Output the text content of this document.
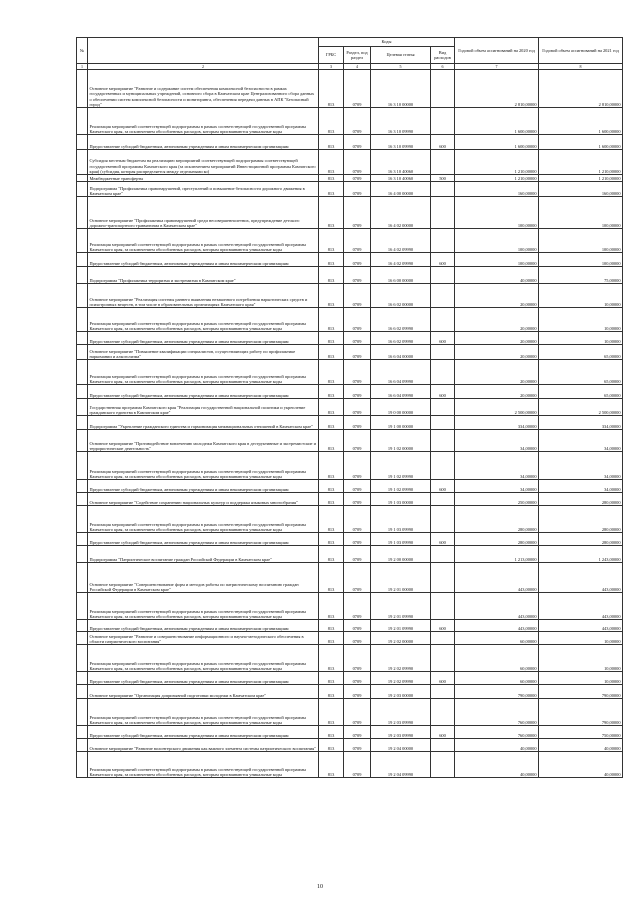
№		Коды				Годовой объем ассигнований на 2020 год	Годовой объем ассигнований на 2021 год
		ГРБС	Раздел, под раздел	Целевая статья	Вид расходов		
1	2	3	4	5	6	7	8
	Основное мероприятие "Развитие и содержание систем обеспечения комплексной безопасности в рамках государственных и муниципальных учреждений, основного сбора в Камчатском крае Централизованного сбора данных о обеспечении систем комплексной безопасности и мониторинга, обеспечения передачи данных в АПК "Безопасный город"	813	0709	16 3 10 00000		2 810,00000	2 810,00000
	Реализация мероприятий соответствующей подпрограммы в рамках соответствующей государственной программы Камчатского края, за исключением обособленных расходов, которым присваиваются уникальные коды	813	0709	16 3 10 09990		1 600,00000	1 600,00000
	Предоставление субсидий бюджетным, автономным учреждениям и иным некоммерческим организациям	813	0709	16 3 10 09990	600	1 600,00000	1 600,00000
	Субсидия местным бюджетам на реализацию мероприятий соответствующей подпрограммы соответствующей государственной программы Камчатского края (за исключением мероприятий Инвестиционной программы Камчатского края) (субсидия, которая распределяется между отдельными ко)	813	0709	16 3 10 40060		1 210,00000	1 210,00000
	Межбюджетные трансферты	813	0709	16 3 10 40060	500	1 210,00000	1 210,00000
	Подпрограмма "Профилактика правонарушений, преступлений и повышение безопасности дорожного движения в Камчатском крае"	813	0709	16 4 00 00000		160,00000	160,00000
	Основное мероприятие "Профилактика правонарушений среди несовершеннолетних, предупреждение детского дорожно-транспортного травматизма в Камчатском крае"	813	0709	16 4 02 00000		100,00000	100,00000
	Реализация мероприятий соответствующей подпрограммы в рамках соответствующей государственной программы Камчатского края, за исключением обособленных расходов, которым присваиваются уникальные коды	813	0709	16 4 02 09990		100,00000	100,00000
	Предоставление субсидий бюджетным, автономным учреждениям и иным некоммерческим организациям	813	0709	16 4 02 09990	600	100,00000	100,00000
	Подпрограмма "Профилактика терроризма и экстремизма в Камчатском крае"	813	0709	16 6 00 00000		40,00000	75,00000
	Основное мероприятие "Реализация системы раннего выявления незаконного потребления наркотических средств и психотропных веществ, в том числе в образовательных организациях Камчатского края"	813	0709	16 6 02 00000		20,00000	10,00000
	Реализация мероприятий соответствующей подпрограммы в рамках соответствующей государственной программы Камчатского края, за исключением обособленных расходов, которым присваиваются уникальные коды	813	0709	16 6 02 09990		20,00000	10,00000
	Предоставление субсидий бюджетным, автономным учреждениям и иным некоммерческим организациям	813	0709	16 6 02 09990	600	20,00000	10,00000
	Основное мероприятие "Повышение квалификации специалистов, осуществляющих работу по профилактике наркомании и алкоголизма"	813	0709	16 6 04 00000		20,00000	65,00000
	Реализация мероприятий соответствующей подпрограммы в рамках соответствующей государственной программы Камчатского края, за исключением обособленных расходов, которым присваиваются уникальные коды	813	0709	16 6 04 09990		20,00000	65,00000
	Предоставление субсидий бюджетным, автономным учреждениям и иным некоммерческим организациям	813	0709	16 6 04 09990	600	20,00000	65,00000
	Государственная программа Камчатского края "Реализация государственной национальной политики и укрепление гражданского единства в Камчатском крае"	813	0709	19 0 00 00000		2 500,00000	2 500,00000
	Подпрограмма "Укрепление гражданского единства и гармонизация межнациональных отношений в Камчатском крае"	813	0709	19 1 00 00000		334,00000	334,00000
	Основное мероприятие "Противодействие вовлечению молодежи Камчатского края в деструктивные и экстремистские и террористические деятельность"	813	0709	19 1 02 00000		34,00000	34,00000
	Реализация мероприятий соответствующей подпрограммы в рамках соответствующей государственной программы Камчатского края, за исключением обособленных расходов, которым присваиваются уникальные коды	813	0709	19 1 02 09990		34,00000	34,00000
	Предоставление субсидий бюджетным, автономным учреждениям и иным некоммерческим организациям	813	0709	19 1 02 09990	600	34,00000	34,00000
	Основное мероприятие "Содействие сохранению национальных культур и поддержка языковых многообразия"	813	0709	19 1 03 00000		250,00000	280,00000
	Реализация мероприятий соответствующей подпрограммы в рамках соответствующей государственной программы Камчатского края, за исключением обособленных расходов, которым присваиваются уникальные коды	813	0709	19 1 03 09990		280,00000	280,00000
	Предоставление субсидий бюджетным, автономным учреждениям и иным некоммерческим организациям	813	0709	19 1 03 09990	600	280,00000	280,00000
	Подпрограмма "Патриотическое воспитание граждан Российской Федерации в Камчатском крае"	813	0709	19 2 00 00000		1 213,00000	1 243,00000
	Основное мероприятие "Совершенствование форм и методов работы по патриотическому воспитанию граждан Российской Федерации в Камчатском крае"	813	0709	19 2 01 00000		443,00000	443,00000
	Реализация мероприятий соответствующей подпрограммы в рамках соответствующей государственной программы Камчатского края, за исключением обособленных расходов, которым присваиваются уникальные коды	813	0709	19 2 01 09990		443,00000	443,00000
	Предоставление субсидий бюджетным, автономным учреждениям и иным некоммерческим организациям	813	0709	19 2 01 09990	600	443,00000	443,00000
	Основное мероприятие "Развитие и совершенствование информационного и научно-методического обеспечения в области патриотического воспитания"	813	0709	19 2 02 00000		60,00000	10,00000
	Реализация мероприятий соответствующей подпрограммы в рамках соответствующей государственной программы Камчатского края, за исключением обособленных расходов, которым присваиваются уникальные коды	813	0709	19 2 02 09990		60,00000	10,00000
	Предоставление субсидий бюджетным, автономным учреждениям и иным некоммерческим организациям	813	0709	19 2 02 09990	600	60,00000	10,00000
	Основное мероприятие "Организация допризывной подготовки молодежи в Камчатском крае"	813	0709	19 2 03 00000		790,00000	790,00000
	Реализация мероприятий соответствующей подпрограммы в рамках соответствующей государственной программы Камчатского края, за исключением обособленных расходов, которым присваиваются уникальные коды	813	0709	19 2 03 09990		760,00000	790,00000
	Предоставление субсидий бюджетным, автономным учреждениям и иным некоммерческим организациям	813	0709	19 2 03 09990	600	760,00000	750,00000
	Основное мероприятие "Развитие волонтерского движения как важного элемента системы патриотического воспитания"	813	0709	19 2 04 00000		40,00000	40,00000
	Реализация мероприятий соответствующей подпрограммы в рамках соответствующей государственной программы Камчатского края, за исключением обособленных расходов, которым присваиваются уникальные коды	813	0709	19 2 04 09990		40,00000	40,00000
10
